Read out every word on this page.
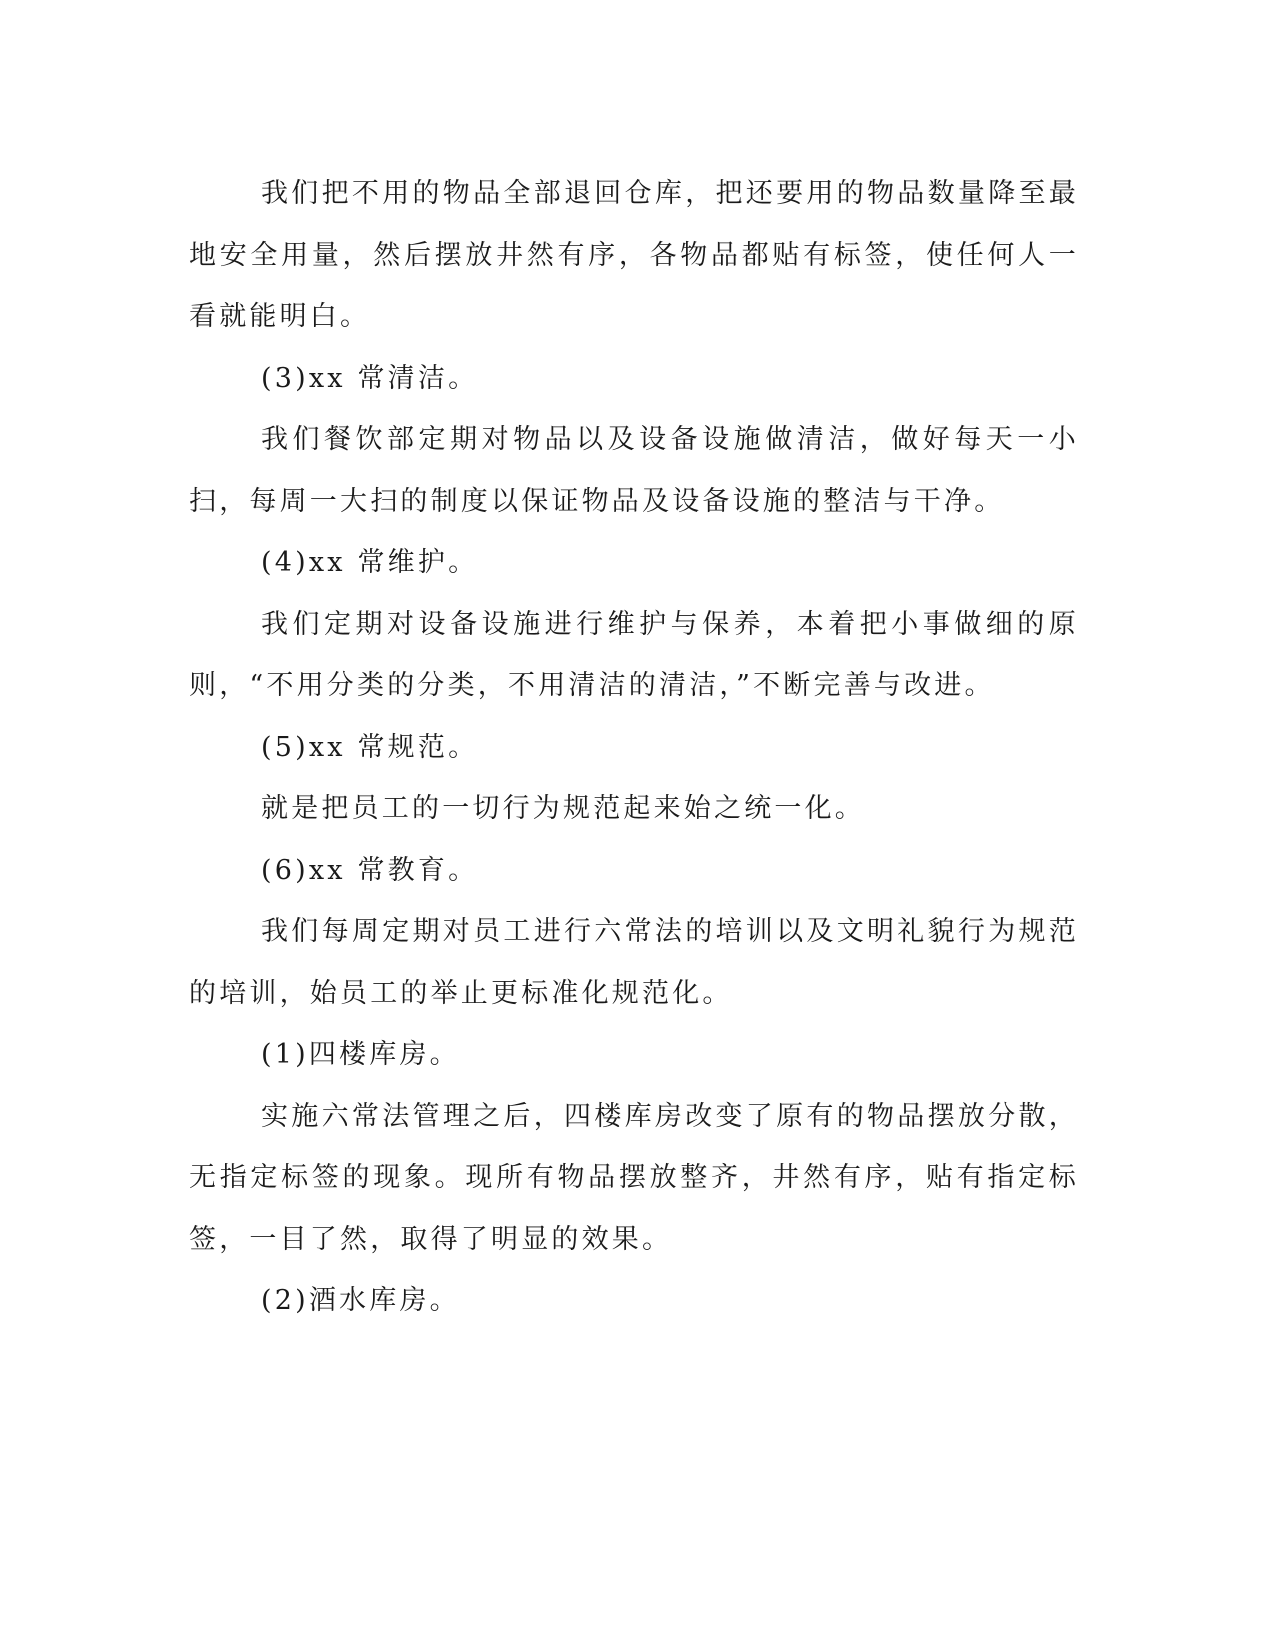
我们把不用的物品全部退回仓库，把还要用的物品数量降至最地安全用量，然后摆放井然有序，各物品都贴有标签，使任何人一看就能明白。

(3)xx 常清洁。

我们餐饮部定期对物品以及设备设施做清洁，做好每天一小扫，每周一大扫的制度以保证物品及设备设施的整洁与干净。

(4)xx 常维护。

我们定期对设备设施进行维护与保养，本着把小事做细的原则，“不用分类的分类，不用清洁的清洁，”不断完善与改进。

(5)xx 常规范。

就是把员工的一切行为规范起来始之统一化。

(6)xx 常教育。

我们每周定期对员工进行六常法的培训以及文明礼貌行为规范的培训，始员工的举止更标准化规范化。

(1)四楼库房。

实施六常法管理之后，四楼库房改变了原有的物品摆放分散，无指定标签的现象。现所有物品摆放整齐，井然有序，贴有指定标签，一目了然，取得了明显的效果。

(2)酒水库房。
